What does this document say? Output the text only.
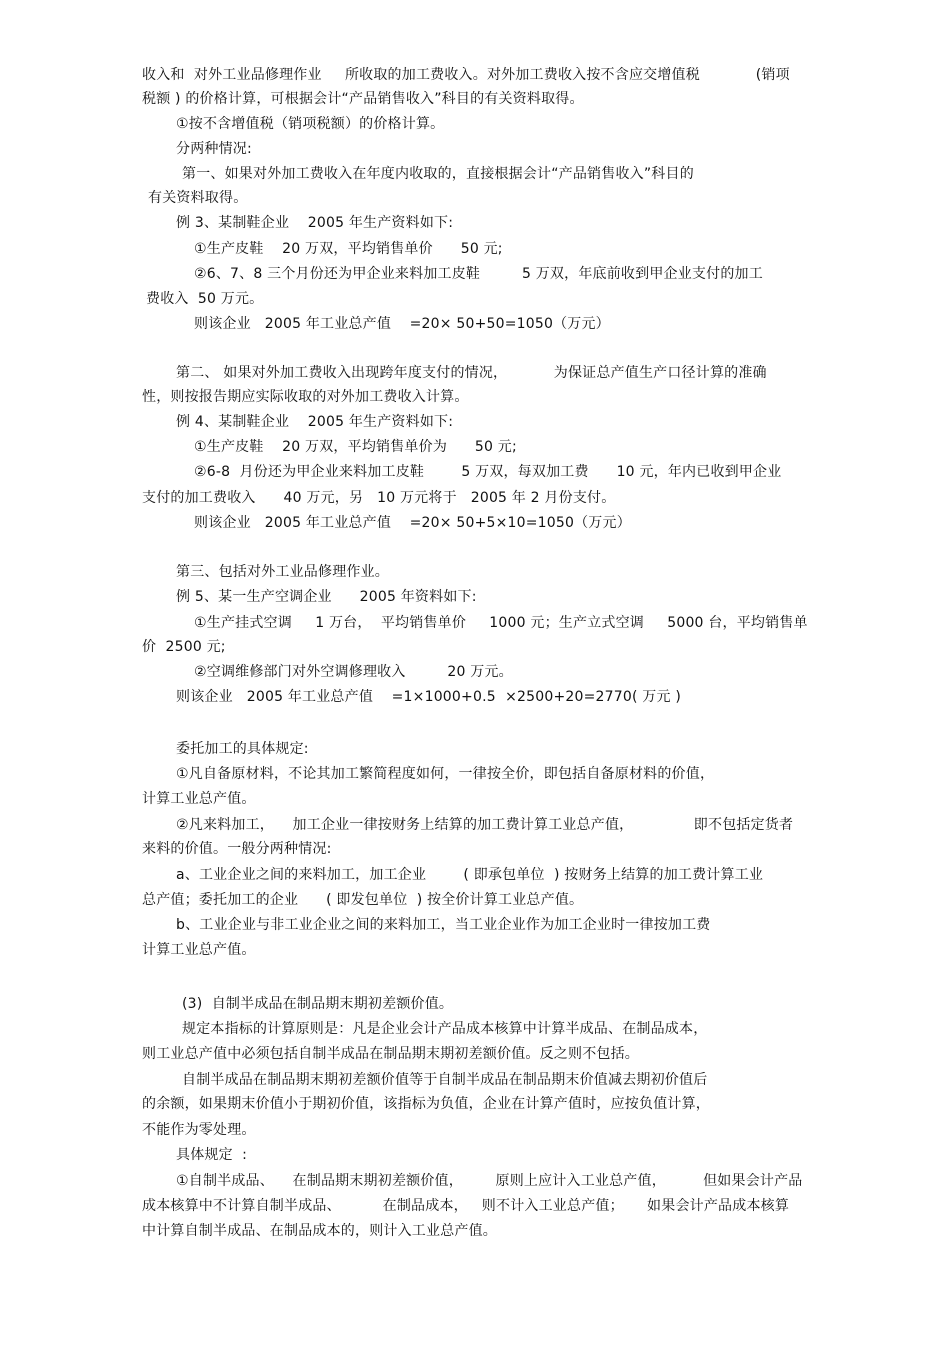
收入和  对外工业品修理作业     所收取的加工费收入。对外加工费收入按不含应交增值税            (销项
税额 ) 的价格计算，可根据会计“产品销售收入”科目的有关资料取得。
①按不含增值税（销项税额）的价格计算。
分两种情况:
第一、如果对外加工费收入在年度内收取的，直接根据会计“产品销售收入”科目的
有关资料取得。
例 3、某制鞋企业    2005 年生产资料如下:
①生产皮鞋    20 万双，平均销售单价      50 元;
②6、7、8 三个月份还为甲企业来料加工皮鞋         5 万双，年底前收到甲企业支付的加工
费收入  50 万元。
则该企业   2005 年工业总产值    =20× 50+50=1050（万元）
第二、 如果对外加工费收入出现跨年度支付的情况，          为保证总产值生产口径计算的准确
性，则按报告期应实际收取的对外加工费收入计算。
例 4、某制鞋企业    2005 年生产资料如下:
①生产皮鞋    20 万双，平均销售单价为      50 元;
②6-8  月份还为甲企业来料加工皮鞋        5 万双，每双加工费      10 元，年内已收到甲企业
支付的加工费收入      40 万元，另   10 万元将于   2005 年 2 月份支付。
则该企业   2005 年工业总产值    =20× 50+5×10=1050（万元）
第三、包括对外工业品修理作业。
例 5、某一生产空调企业      2005 年资料如下:
①生产挂式空调     1 万台，  平均销售单价     1000 元；生产立式空调     5000 台，平均销售单
价  2500 元;
②空调维修部门对外空调修理收入         20 万元。
则该企业   2005 年工业总产值    =1×1000+0.5  ×2500+20=2770( 万元 )
委托加工的具体规定:
①凡自备原材料，不论其加工繁简程度如何，一律按全价，即包括自备原材料的价值，
计算工业总产值。
②凡来料加工，    加工企业一律按财务上结算的加工费计算工业总产值，             即不包括定货者
来料的价值。一般分两种情况:
a、工业企业之间的来料加工，加工企业        ( 即承包单位  ) 按财务上结算的加工费计算工业
总产值；委托加工的企业      ( 即发包单位  ) 按全价计算工业总产值。
b、工业企业与非工业企业之间的来料加工，当工业企业作为加工企业时一律按加工费
计算工业总产值。
(3)  自制半成品在制品期末期初差额价值。
规定本指标的计算原则是：凡是企业会计产品成本核算中计算半成品、在制品成本，
则工业总产值中必须包括自制半成品在制品期末期初差额价值。反之则不包括。
自制半成品在制品期末期初差额价值等于自制半成品在制品期末价值减去期初价值后
的余额，如果期末价值小于期初价值，该指标为负值，企业在计算产值时，应按负值计算，
不能作为零处理。
具体规定  :
①自制半成品、    在制品期末期初差额价值，       原则上应计入工业总产值，        但如果会计产品
成本核算中不计算自制半成品、         在制品成本，   则不计入工业总产值；     如果会计产品成本核算
中计算自制半成品、在制品成本的，则计入工业总产值。
